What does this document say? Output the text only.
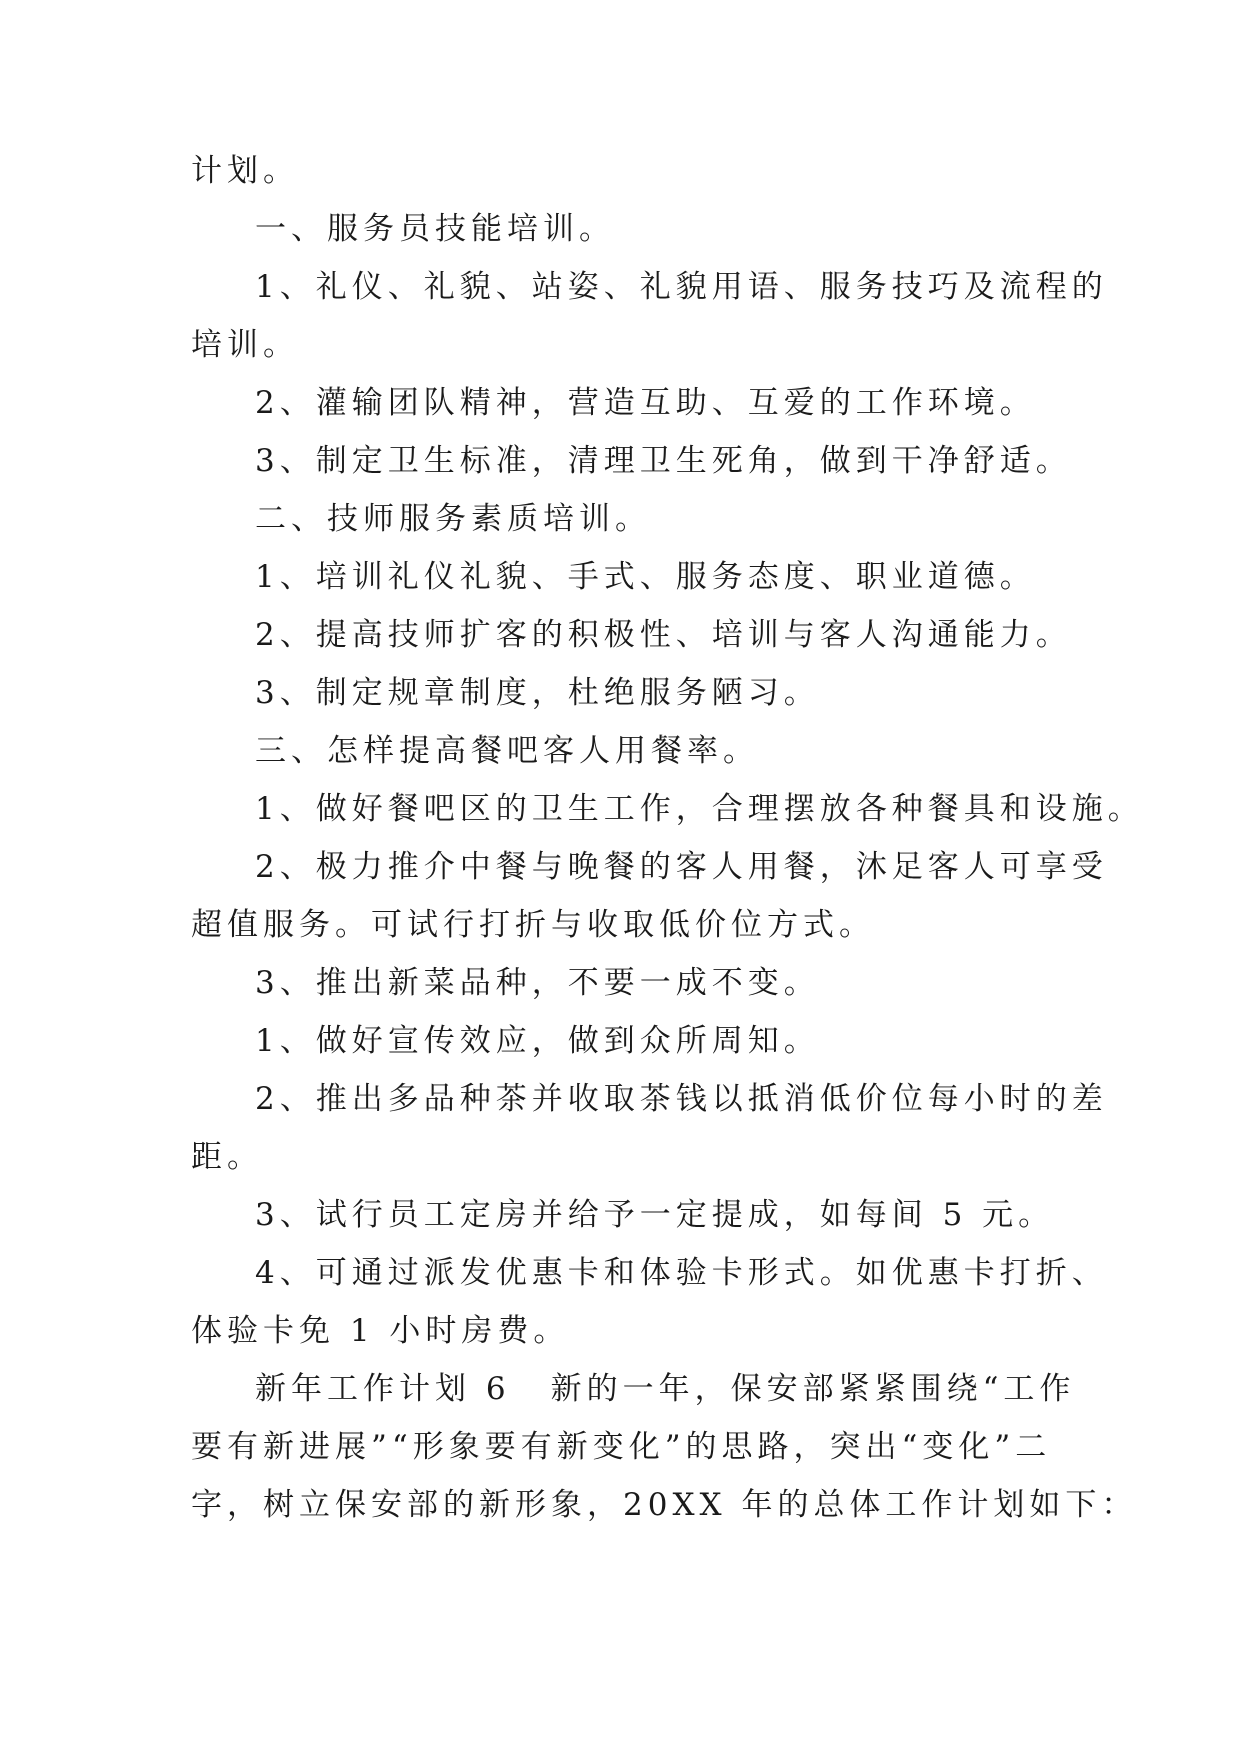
计划。
一、服务员技能培训。
1、礼仪、礼貌、站姿、礼貌用语、服务技巧及流程的
培训。
2、灌输团队精神，营造互助、互爱的工作环境。
3、制定卫生标准，清理卫生死角，做到干净舒适。
二、技师服务素质培训。
1、培训礼仪礼貌、手式、服务态度、职业道德。
2、提高技师扩客的积极性、培训与客人沟通能力。
3、制定规章制度，杜绝服务陋习。
三、怎样提高餐吧客人用餐率。
1、做好餐吧区的卫生工作，合理摆放各种餐具和设施。
2、极力推介中餐与晚餐的客人用餐，沐足客人可享受
超值服务。可试行打折与收取低价位方式。
3、推出新菜品种，不要一成不变。
1、做好宣传效应，做到众所周知。
2、推出多品种茶并收取茶钱以抵消低价位每小时的差
距。
3、试行员工定房并给予一定提成，如每间 5 元。
4、可通过派发优惠卡和体验卡形式。如优惠卡打折、
体验卡免 1 小时房费。
新年工作计划 6 新的一年，保安部紧紧围绕“工作
要有新进展”“形象要有新变化”的思路，突出“变化”二
字，树立保安部的新形象，20XX 年的总体工作计划如下：
